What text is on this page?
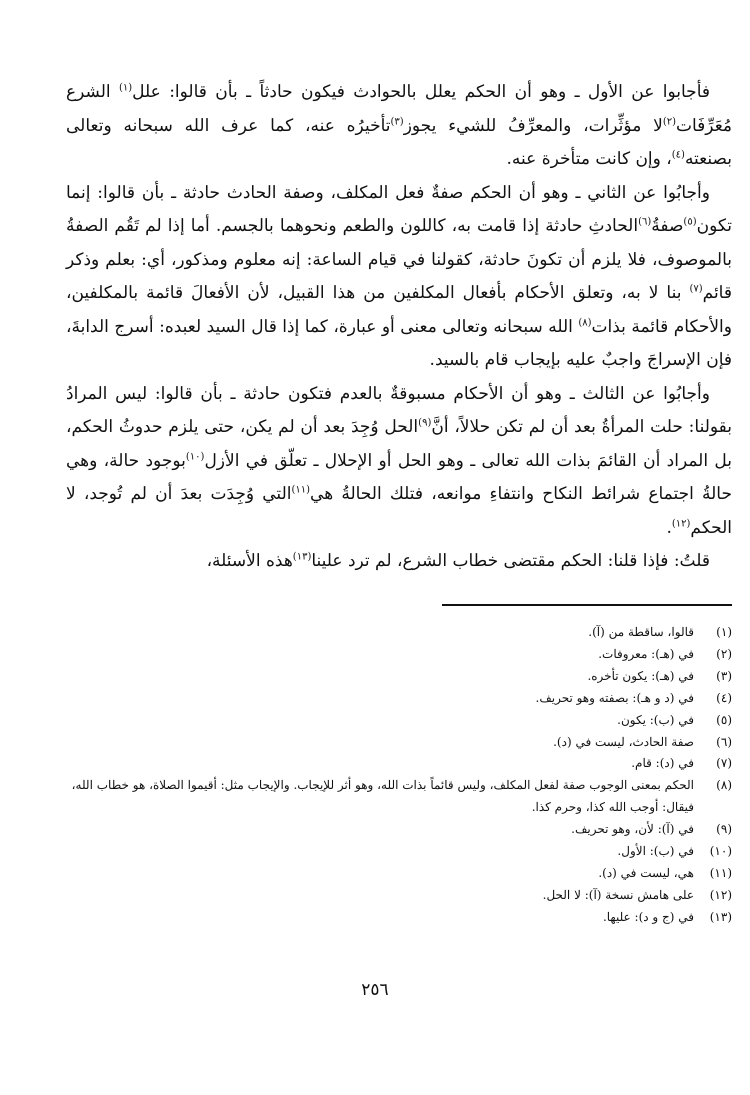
فأجابوا عن الأول ـ وهو أن الحكم يعلل بالحوادث فيكون حادثاً ـ بأن قالوا: علل$^{(١)}$ الشرع مُعَرِّفَات$^{(٢)}$لا مؤثِّرات، والمعرِّفُ للشيء يجوز$^{(٣)}$تأخيرُه عنه، كما عرف الله سبحانه وتعالى بصنعته$^{(٤)}$، وإن كانت متأخرة عنه.

وأجابُوا عن الثاني ـ وهو أن الحكم صفةٌ فعل المكلف، وصفة الحادث حادثة ـ بأن قالوا: إنما تكون$^{(٥)}$صفةُ$^{(٦)}$الحادثِ حادثة إذا قامت به، كاللون والطعم ونحوهما بالجسم. أما إذا لم تَقُم الصفةُ بالموصوف، فلا يلزم أن تكونَ حادثة، كقولنا في قيام الساعة: إنه معلوم ومذكور، أي: بعلم وذكر قائم$^{(٧)}$ بنا لا به، وتعلق الأحكام بأفعال المكلفين من هذا القبيل، لأن الأفعالَ قائمة بالمكلفين، والأحكام قائمة بذات$^{(٨)}$ الله سبحانه وتعالى معنى أو عبارة، كما إذا قال السيد لعبده: أسرج الدابةَ، فإن الإسراجَ واجبٌ عليه بإيجاب قام بالسيد.

وأجابُوا عن الثالث ـ وهو أن الأحكام مسبوقةٌ بالعدم فتكون حادثة ـ بأن قالوا: ليس المرادُ بقولنا: حلت المرأةُ بعد أن لم تكن حلالاً، أنَّ$^{(٩)}$الحل وُجِدَ بعد أن لم يكن، حتى يلزم حدوثُ الحكم، بل المراد أن القائمَ بذات الله تعالى ـ وهو الحل أو الإحلال ـ تعلّق في الأزل$^{(١٠)}$بوجود حالة، وهي حالةُ اجتماع شرائط النكاح وانتفاءِ موانعه، فتلك الحالةُ هي$^{(١١)}$التي وُجِدَت بعدَ أن لم تُوجد، لا الحكم$^{(١٢)}$.

قلتُ: فإذا قلنا: الحكم مقتضى خطاب الشرع، لم ترد علينا$^{(١٣)}$هذه الأسئلة،

(١)
قالوا، ساقطة من (آ).
(٢)
في (هـ): معروفات.
(٣)
في (هـ): يكون تأخره.
(٤)
في (د و هـ): بصفته وهو تحريف.
(٥)
في (ب): يكون.
(٦)
صفة الحادث، ليست في (د).
(٧)
في (د): قام.
(٨)
الحكم بمعنى الوجوب صفة لفعل المكلف، وليس قائماً بذات الله، وهو أثر للإيجاب. والإيجاب مثل: أقيموا الصلاة، هو خطاب الله، فيقال: أوجب الله كذا، وحرم كذا.
(٩)
في (آ): لأن، وهو تحريف.
(١٠)
في (ب): الأول.
(١١)
هي، ليست في (د).
(١٢)
على هامش نسخة (آ): لا الحل.
(١٣)
في (ج و د): عليها.
٢٥٦
